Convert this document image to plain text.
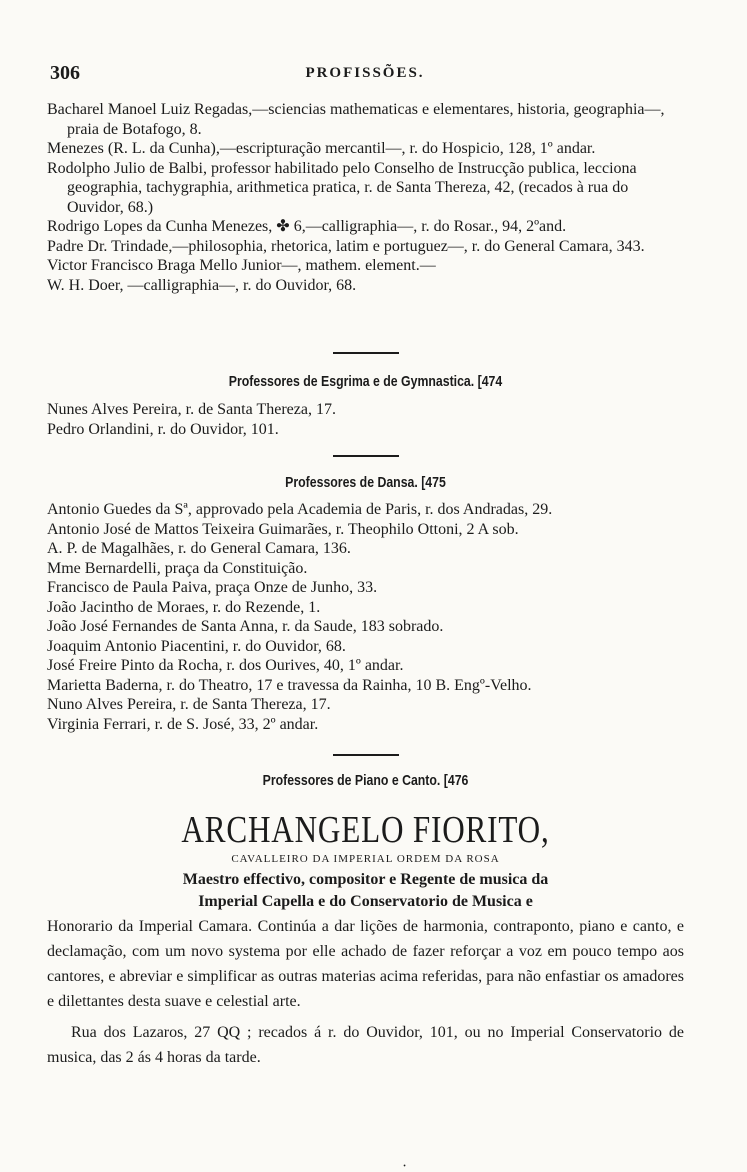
306	PROFISSÕES.

Bacharel Manoel Luiz Regadas,—sciencias mathematicas e elementares, historia, geographia—, praia de Botafogo, 8.

Menezes (R. L. da Cunha),—escripturação mercantil—, r. do Hospicio, 128, 1º andar.

Rodolpho Julio de Balbi, professor habilitado pelo Conselho de Instrucção publica, lecciona geographia, tachygraphia, arithmetica pratica, r. de Santa Thereza, 42, (recados à rua do Ouvidor, 68.)

Rodrigo Lopes da Cunha Menezes, ✤ 6,—calligraphia—, r. do Rosar., 94, 2ºand.

Padre Dr. Trindade,—philosophia, rhetorica, latim e portuguez—, r. do General Camara, 343.

Victor Francisco Braga Mello Junior—, mathem. element.—

W. H. Doer, —calligraphia—, r. do Ouvidor, 68.

Professores de Esgrima e de Gymnastica. [474

Nunes Alves Pereira, r. de Santa Thereza, 17.

Pedro Orlandini, r. do Ouvidor, 101.

Professores de Dansa. [475

Antonio Guedes da Sª, approvado pela Academia de Paris, r. dos Andradas, 29.

Antonio José de Mattos Teixeira Guimarães, r. Theophilo Ottoni, 2 A sob.

A. P. de Magalhães, r. do General Camara, 136.

Mme Bernardelli, praça da Constituição.

Francisco de Paula Paiva, praça Onze de Junho, 33.

João Jacintho de Moraes, r. do Rezende, 1.

João José Fernandes de Santa Anna, r. da Saude, 183 sobrado.

Joaquim Antonio Piacentini, r. do Ouvidor, 68.

José Freire Pinto da Rocha, r. dos Ourives, 40, 1º andar.

Marietta Baderna, r. do Theatro, 17 e travessa da Rainha, 10 B. Engº-Velho.

Nuno Alves Pereira, r. de Santa Thereza, 17.

Virginia Ferrari, r. de S. José, 33, 2º andar.

Professores de Piano e Canto. [476
ARCHANGELO FIORITO,
CAVALLEIRO DA IMPERIAL ORDEM DA ROSA
Maestro effectivo, compositor e Regente de musica da
Imperial Capella e do Conservatorio de Musica e

Honorario da Imperial Camara. Continúa a dar lições de harmonia, contraponto, piano e canto, e declamação, com um novo systema por elle achado de fazer reforçar a voz em pouco tempo aos cantores, e abreviar e simplificar as outras materias acima referidas, para não enfastiar os amadores e dilettantes desta suave e celestial arte.

Rua dos Lazaros, 27 QQ ; recados á r. do Ouvidor, 101, ou no Imperial Conservatorio de musica, das 2 ás 4 horas da tarde.

ꞏ
